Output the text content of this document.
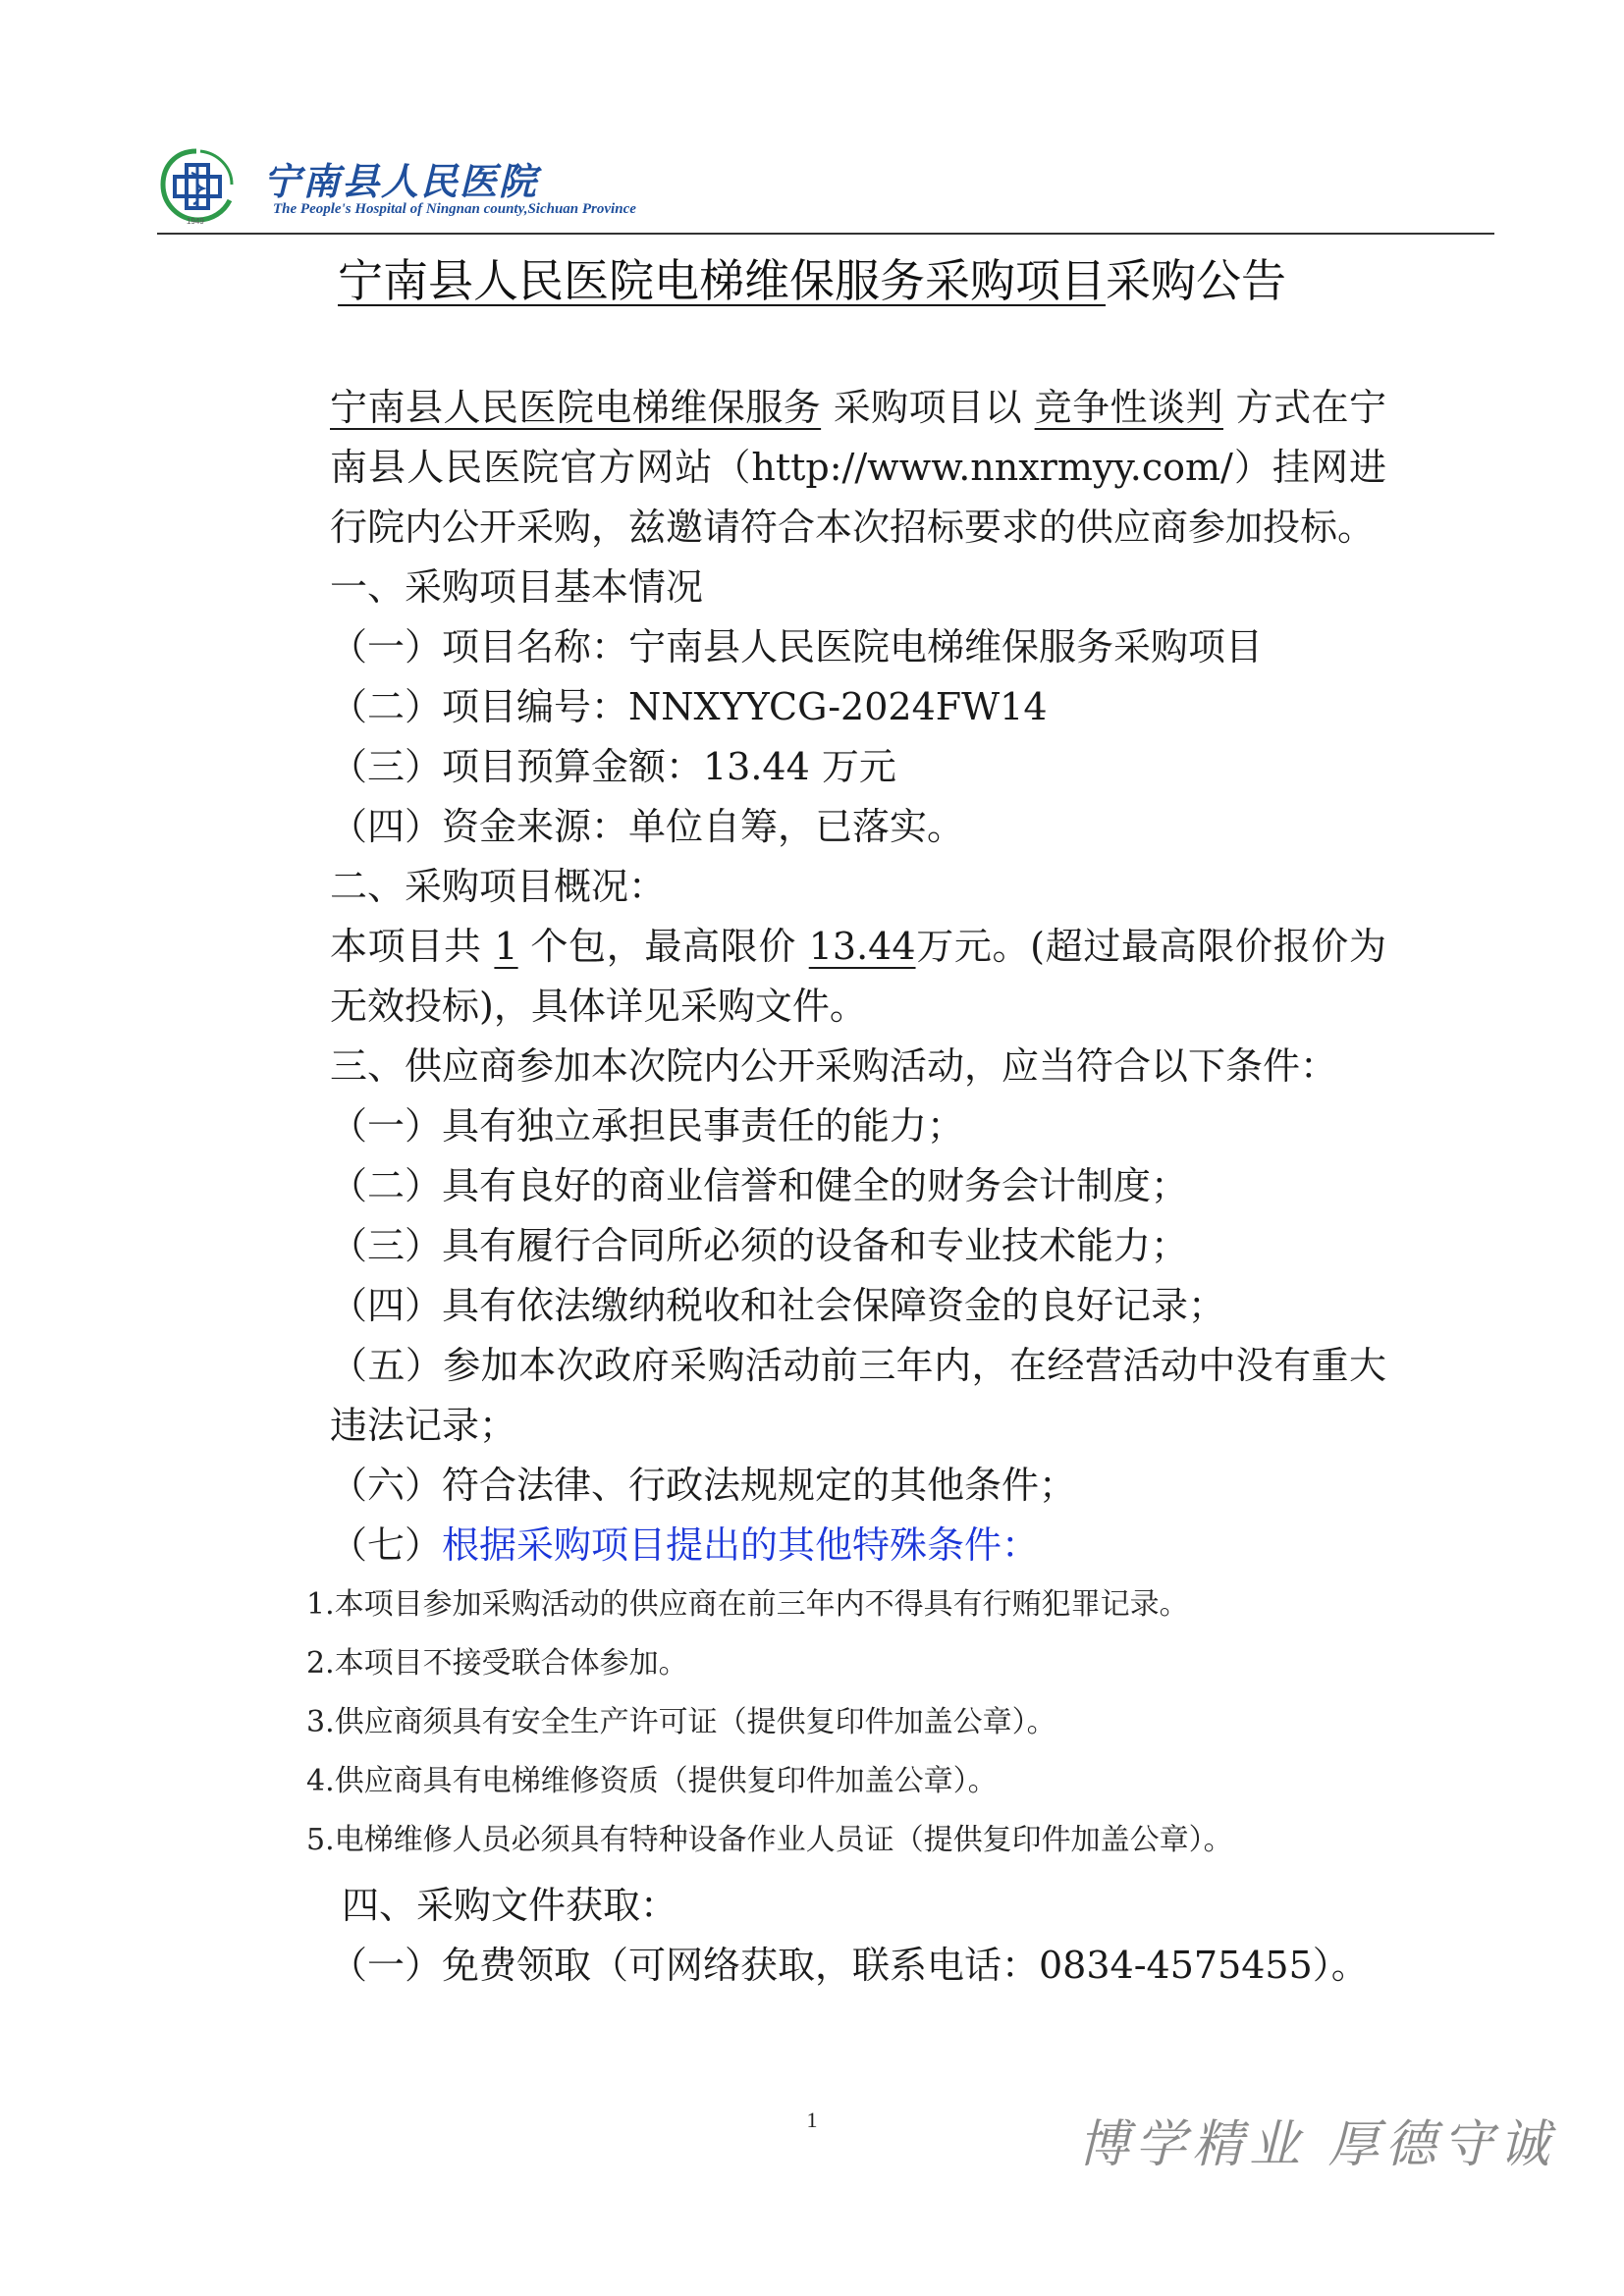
1949
宁南县人民医院
The People's Hospital of Ningnan county,Sichuan Province
宁南县人民医院电梯维保服务采购项目采购公告

宁南县人民医院电梯维保服务 采购项目以 竞争性谈判 方式在宁南县人民医院官方网站（http://www.nnxrmyy.com/）挂网进行院内公开采购，兹邀请符合本次招标要求的供应商参加投标。

一、采购项目基本情况

（一）项目名称：宁南县人民医院电梯维保服务采购项目

（二）项目编号：NNXYYCG-2024FW14

（三）项目预算金额：13.44 万元

（四）资金来源：单位自筹，已落实。

二、采购项目概况：

本项目共 1 个包，最高限价 13.44万元。(超过最高限价报价为无效投标)，具体详见采购文件。

三、供应商参加本次院内公开采购活动，应当符合以下条件：

（一）具有独立承担民事责任的能力；

（二）具有良好的商业信誉和健全的财务会计制度；

（三）具有履行合同所必须的设备和专业技术能力；

（四）具有依法缴纳税收和社会保障资金的良好记录；

（五）参加本次政府采购活动前三年内，在经营活动中没有重大违法记录；

（六）符合法律、行政法规规定的其他条件；

（七）根据采购项目提出的其他特殊条件：

1.本项目参加采购活动的供应商在前三年内不得具有行贿犯罪记录。
2.本项目不接受联合体参加。
3.供应商须具有安全生产许可证（提供复印件加盖公章）。
4.供应商具有电梯维修资质（提供复印件加盖公章）。
5.电梯维修人员必须具有特种设备作业人员证（提供复印件加盖公章）。

四、采购文件获取：

（一）免费领取（可网络获取，联系电话：0834-4575455）。

1	博学精业 厚德守诚
